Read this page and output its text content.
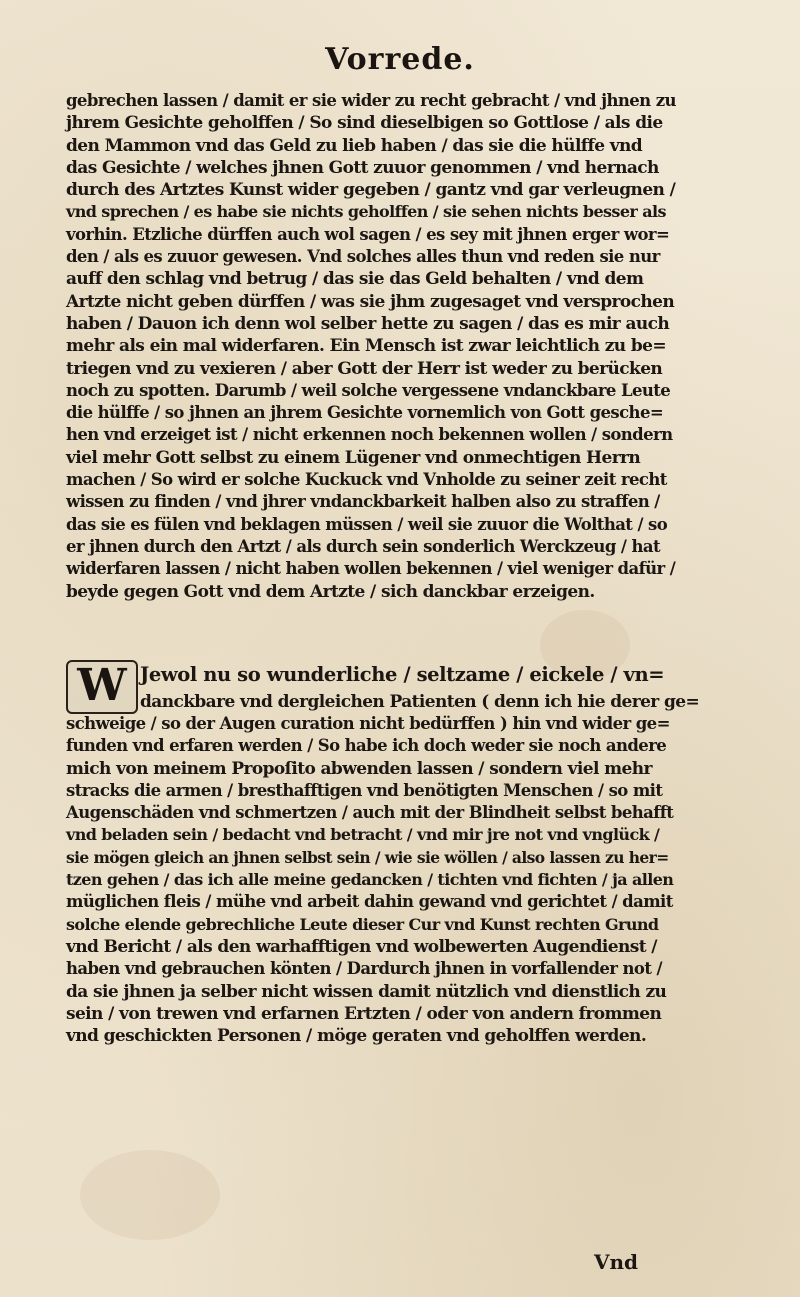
Vorrede.
gebrechen lassen / damit er sie wider zu recht gebracht / vnd jhnen zu
jhrem Gesichte geholffen / So sind dieselbigen so Gottlose / als die
den Mammon vnd das Geld zu lieb haben / das sie die hülffe vnd
das Gesichte / welches jhnen Gott zuuor genommen / vnd hernach
durch des Artztes Kunst wider gegeben / gantz vnd gar verleugnen /
vnd sprechen / es habe sie nichts geholffen / sie sehen nichts besser als
vorhin. Etzliche dürffen auch wol sagen / es sey mit jhnen erger wor=
den / als es zuuor gewesen. Vnd solches alles thun vnd reden sie nur
auff den schlag vnd betrug / das sie das Geld behalten / vnd dem
Artzte nicht geben dürffen / was sie jhm zugesaget vnd versprochen
haben / Dauon ich denn wol selber hette zu sagen / das es mir auch
mehr als ein mal widerfaren. Ein Mensch ist zwar leichtlich zu be=
triegen vnd zu vexieren / aber Gott der Herr ist weder zu berücken
noch zu spotten. Darumb / weil solche vergessene vndanckbare Leute
die hülffe / so jhnen an jhrem Gesichte vornemlich von Gott gesche=
hen vnd erzeiget ist / nicht erkennen noch bekennen wollen / sondern
viel mehr Gott selbst zu einem Lügener vnd onmechtigen Herrn
machen / So wird er solche Kuckuck vnd Vnholde zu seiner zeit recht
wissen zu finden / vnd jhrer vndanckbarkeit halben also zu straffen /
das sie es fülen vnd beklagen müssen / weil sie zuuor die Wolthat / so
er jhnen durch den Artzt / als durch sein sonderlich Werckzeug / hat
widerfaren lassen / nicht haben wollen bekennen / viel weniger dafür /
beyde gegen Gott vnd dem Artzte / sich danckbar erzeigen.
W Jewol nu so wunderliche / seltzame / eickele / vn=
danckbare vnd dergleichen Patienten ( denn ich hie derer ge=
schweige / so der Augen curation nicht bedürffen ) hin vnd wider ge=
funden vnd erfaren werden / So habe ich doch weder sie noch andere
mich von meinem Propoſito abwenden lassen / sondern viel mehr
stracks die armen / bresthafftigen vnd benötigten Menschen / so mit
Augenschäden vnd schmertzen / auch mit der Blindheit selbst behafft
vnd beladen sein / bedacht vnd betracht / vnd mir jre not vnd vnglück /
sie mögen gleich an jhnen selbst sein / wie sie wöllen / also lassen zu her=
tzen gehen / das ich alle meine gedancken / tichten vnd fichten / ja allen
müglichen fleis / mühe vnd arbeit dahin gewand vnd gerichtet / damit
solche elende gebrechliche Leute dieser Cur vnd Kunst rechten Grund
vnd Bericht / als den warhafftigen vnd wolbewerten Augendienst /
haben vnd gebrauchen könten / Dardurch jhnen in vorfallender not /
da sie jhnen ja selber nicht wissen damit nützlich vnd dienstlich zu
sein / von trewen vnd erfarnen Ertzten / oder von andern frommen
vnd geschickten Personen / möge geraten vnd geholffen werden.
Vnd
